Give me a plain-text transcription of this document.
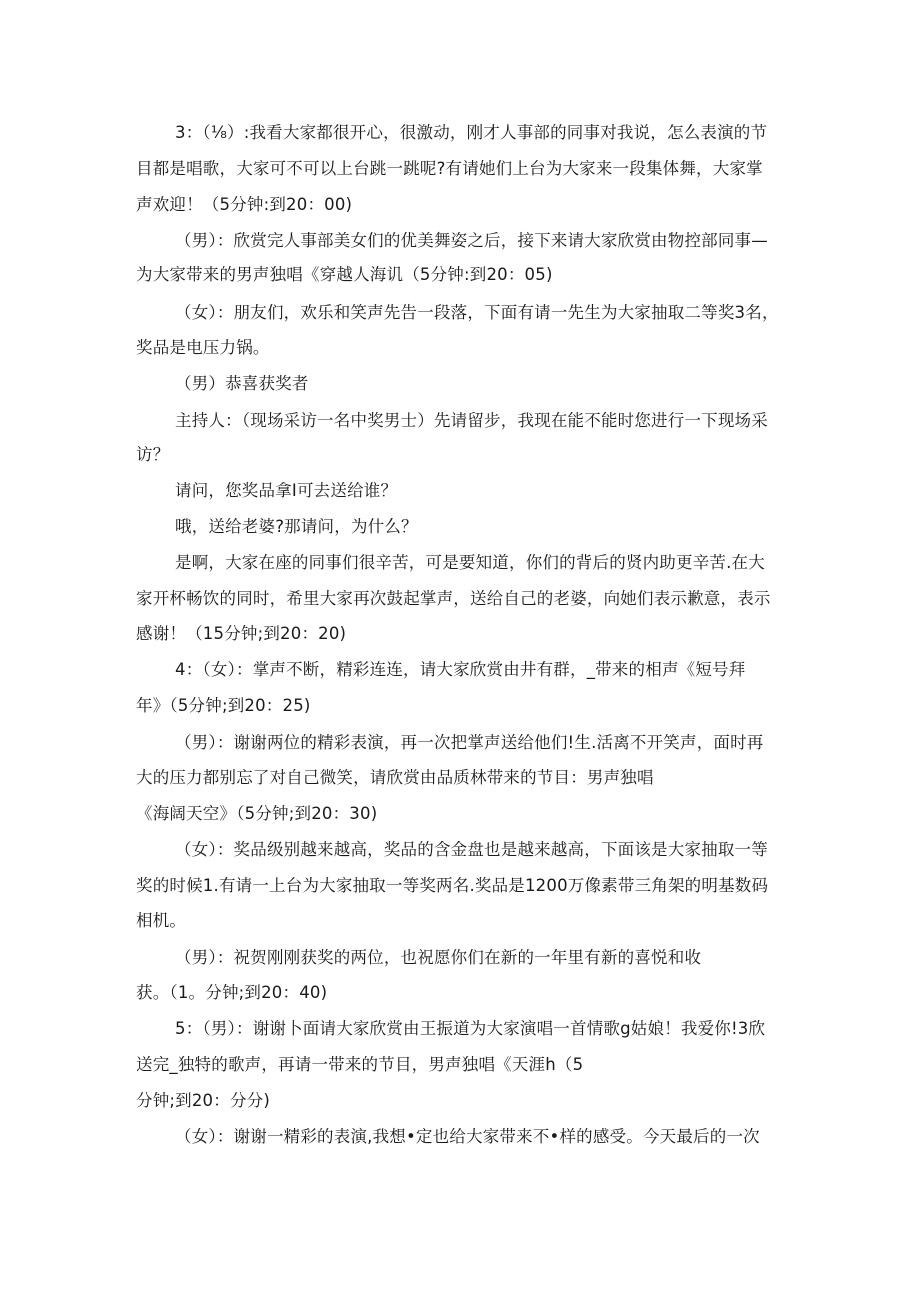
3：（⅛）:我看大家都很开心，很激动，刚才人事部的同事对我说，怎么表演的节
目都是唱歌，大家可不可以上台跳一跳呢?有请她们上台为大家来一段集体舞，大家掌
声欢迎！（5分钟:到20：00)
（男）：欣赏完人事部美女们的优美舞姿之后，接下来请大家欣赏由物控部同事—
为大家带来的男声独唱《穿越人海讥（5分钟:到20：05)
（女）：朋友们，欢乐和笑声先告一段落，下面有请一先生为大家抽取二等奖3名，
奖品是电压力锅。
（男）恭喜获奖者
主持人：（现场采访一名中奖男士）先请留步，我现在能不能时您进行一下现场采
访？
请问，您奖品拿I可去送给谁？
哦，送给老婆?那请问，为什么？
是啊，大家在座的同事们很辛苦，可是要知道，你们的背后的贤内助更辛苦.在大
家开杯畅饮的同时，希里大家再次鼓起掌声，送给自己的老婆，向她们表示歉意，表示
感谢！（15分钟;到20：20)
4：（女）：掌声不断，精彩连连，请大家欣赏由井有群，_带来的相声《短号拜
年》（5分钟;到20：25)
（男）：谢谢两位的精彩表演，再一次把掌声送给他们!生.活离不开笑声，面时再
大的压力都别忘了对自己微笑，请欣赏由品质林带来的节目：男声独唱
《海阔天空》（5分钟;到20：30)
（女）：奖品级别越来越高，奖品的含金盘也是越来越高，下面该是大家抽取一等
奖的时候1.有请一上台为大家抽取一等奖两名.奖品是1200万像素带三角架的明基数码
相机。
（男）：祝贺刚刚获奖的两位，也祝愿你们在新的一年里有新的喜悦和收
获。（1。分钟;到20：40)
5：（男）：谢谢卜面请大家欣赏由王振道为大家演唱一首情歌g姑娘！我爱你!3欣
送完_独特的歌声，再请一带来的节目，男声独唱《天涯h（5
分钟;到20：分分)
（女）：谢谢一精彩的表演,我想•定也给大家带来不•样的感受。今天最后的一次
